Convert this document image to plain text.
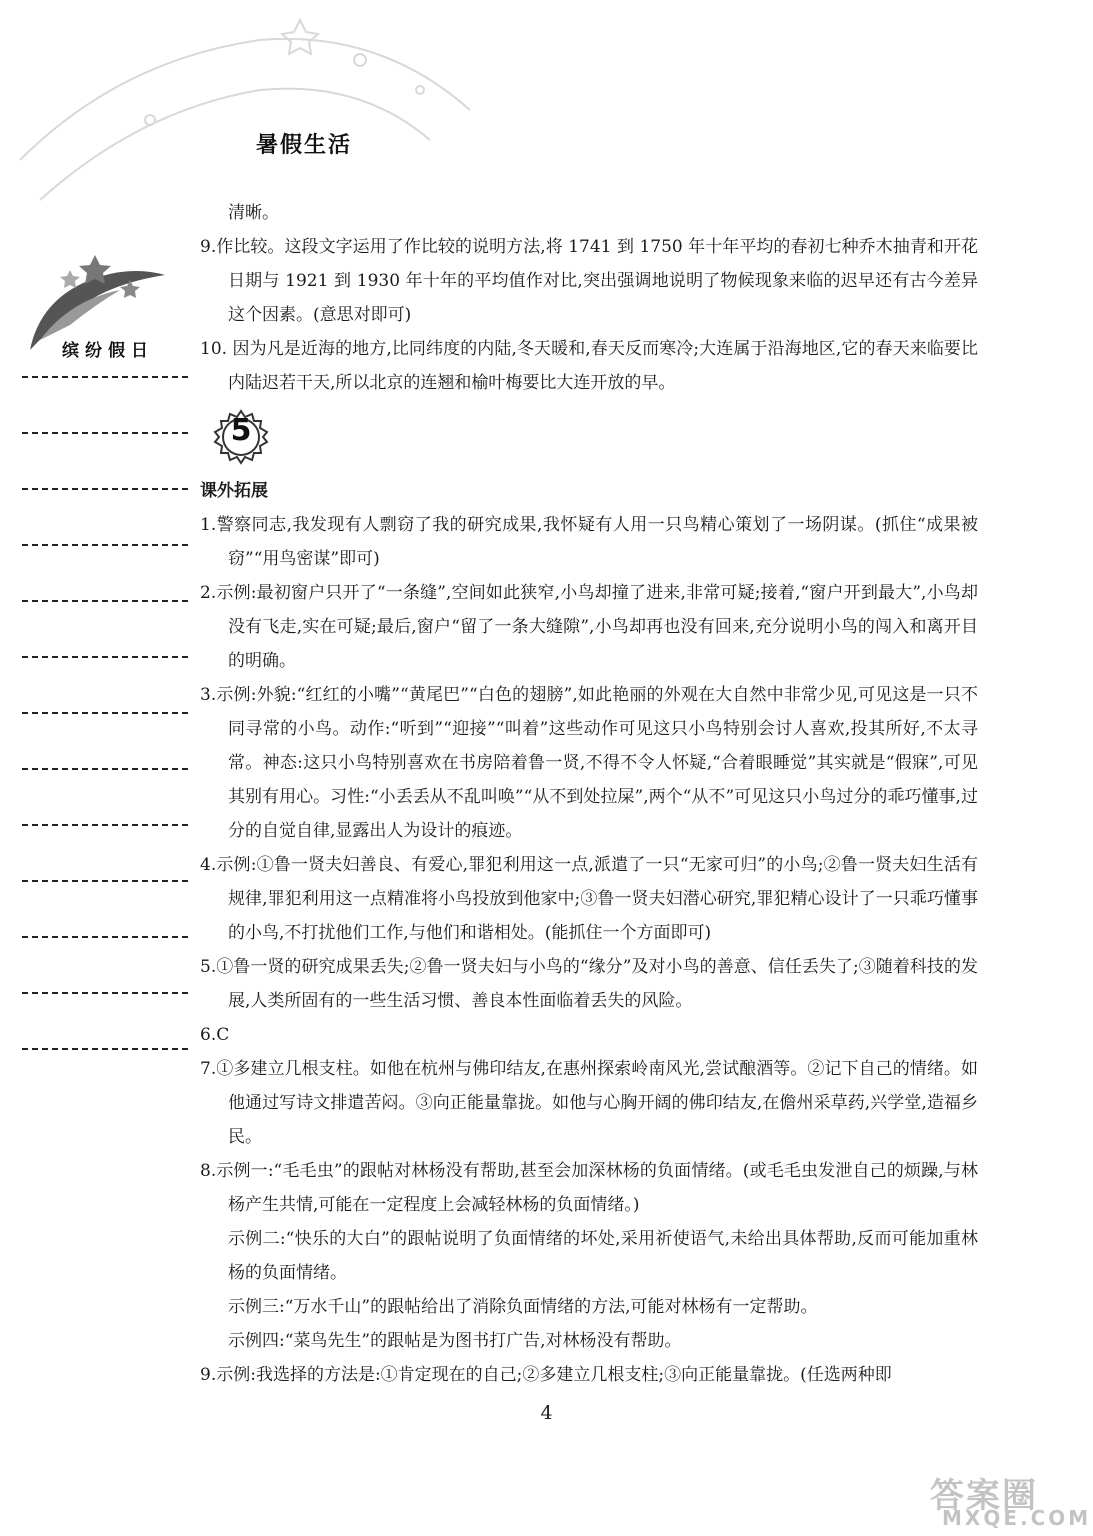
暑假生活
缤纷假日

清晰。

9.作比较。这段文字运用了作比较的说明方法,将 1741 到 1750 年十年平均的春初七种乔木抽青和开花日期与 1921 到 1930 年十年的平均值作对比,突出强调地说明了物候现象来临的迟早还有古今差异这个因素。(意思对即可)

10. 因为凡是近海的地方,比同纬度的内陆,冬天暖和,春天反而寒冷;大连属于沿海地区,它的春天来临要比内陆迟若干天,所以北京的连翘和榆叶梅要比大连开放的早。

5
课外拓展

1.警察同志,我发现有人剽窃了我的研究成果,我怀疑有人用一只鸟精心策划了一场阴谋。(抓住“成果被窃”“用鸟密谋”即可)

2.示例:最初窗户只开了“一条缝”,空间如此狭窄,小鸟却撞了进来,非常可疑;接着,“窗户开到最大”,小鸟却没有飞走,实在可疑;最后,窗户“留了一条大缝隙”,小鸟却再也没有回来,充分说明小鸟的闯入和离开目的明确。

3.示例:外貌:“红红的小嘴”“黄尾巴”“白色的翅膀”,如此艳丽的外观在大自然中非常少见,可见这是一只不同寻常的小鸟。动作:“听到”“迎接”“叫着”这些动作可见这只小鸟特别会讨人喜欢,投其所好,不太寻常。神态:这只小鸟特别喜欢在书房陪着鲁一贤,不得不令人怀疑,“合着眼睡觉”其实就是“假寐”,可见其别有用心。习性:“小丢丢从不乱叫唤”“从不到处拉屎”,两个“从不”可见这只小鸟过分的乖巧懂事,过分的自觉自律,显露出人为设计的痕迹。

4.示例:①鲁一贤夫妇善良、有爱心,罪犯利用这一点,派遣了一只“无家可归”的小鸟;②鲁一贤夫妇生活有规律,罪犯利用这一点精准将小鸟投放到他家中;③鲁一贤夫妇潜心研究,罪犯精心设计了一只乖巧懂事的小鸟,不打扰他们工作,与他们和谐相处。(能抓住一个方面即可)

5.①鲁一贤的研究成果丢失;②鲁一贤夫妇与小鸟的“缘分”及对小鸟的善意、信任丢失了;③随着科技的发展,人类所固有的一些生活习惯、善良本性面临着丢失的风险。

6.C

7.①多建立几根支柱。如他在杭州与佛印结友,在惠州探索岭南风光,尝试酿酒等。②记下自己的情绪。如他通过写诗文排遣苦闷。③向正能量靠拢。如他与心胸开阔的佛印结友,在儋州采草药,兴学堂,造福乡民。

8.示例一:“毛毛虫”的跟帖对林杨没有帮助,甚至会加深林杨的负面情绪。(或毛毛虫发泄自己的烦躁,与林杨产生共情,可能在一定程度上会减轻林杨的负面情绪。)

示例二:“快乐的大白”的跟帖说明了负面情绪的坏处,采用祈使语气,未给出具体帮助,反而可能加重林杨的负面情绪。

示例三:“万水千山”的跟帖给出了消除负面情绪的方法,可能对林杨有一定帮助。

示例四:“菜鸟先生”的跟帖是为图书打广告,对林杨没有帮助。

9.示例:我选择的方法是:①肯定现在的自己;②多建立几根支柱;③向正能量靠拢。(任选两种即

4
答案圈
MXQE.COM
